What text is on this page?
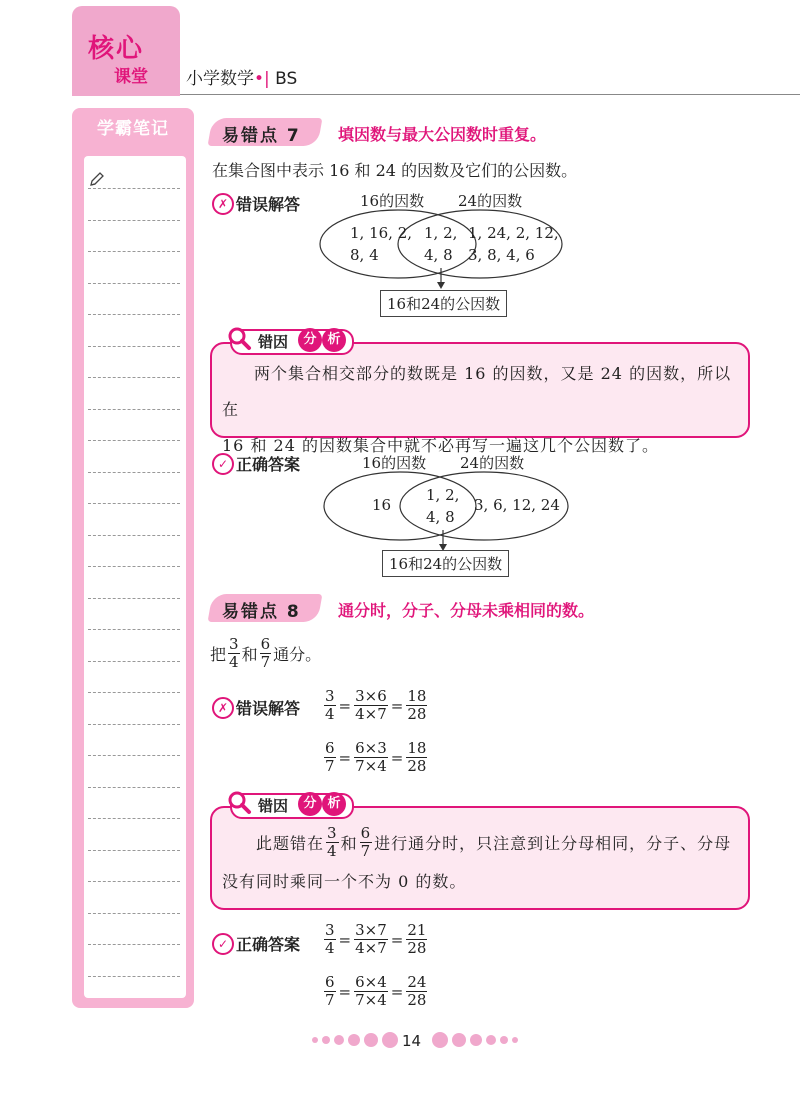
核心
课堂 小学数学•| BS
学霸笔记	易错点 7 填因数与最大公因数时重复。
在集合图中表示 16 和 24 的因数及它们的公因数。
✗ 错误解答	16的因数 24的因数
1, 16, 2,
8, 4
1, 2,
4, 8
1, 24, 2, 12,
3, 8, 4, 6
16和24的公因数
错因	分 析
两个集合相交部分的数既是 16 的因数，又是 24 的因数，所以在
16 和 24 的因数集合中就不必再写一遍这几个公因数了。
✓ 正确答案	16的因数 24的因数
16
1, 2,
4, 8
3, 6, 12, 24
16和24的公因数
易错点 8 通分时，分子、分母未乘相同的数。
把 $\frac{3}{4}$ 和 $\frac{6}{7}$ 通分。
✗ 错误解答 $\frac{3}{4} = \frac{3\times 6}{4\times 7} = \frac{18}{28}$
$\frac{6}{7} = \frac{6\times 3}{7\times 4} = \frac{18}{28}$
错因	分 析
此题错在 $\frac{3}{4}$ 和 $\frac{6}{7}$ 进行通分时，只注意到让分母相同，分子、分母
没有同时乘同一个不为 0 的数。
✓ 正确答案 $\frac{3}{4} = \frac{3\times 7}{4\times 7} = \frac{21}{28}$
$\frac{6}{7} = \frac{6\times 4}{7\times 4} = \frac{24}{28}$
14
